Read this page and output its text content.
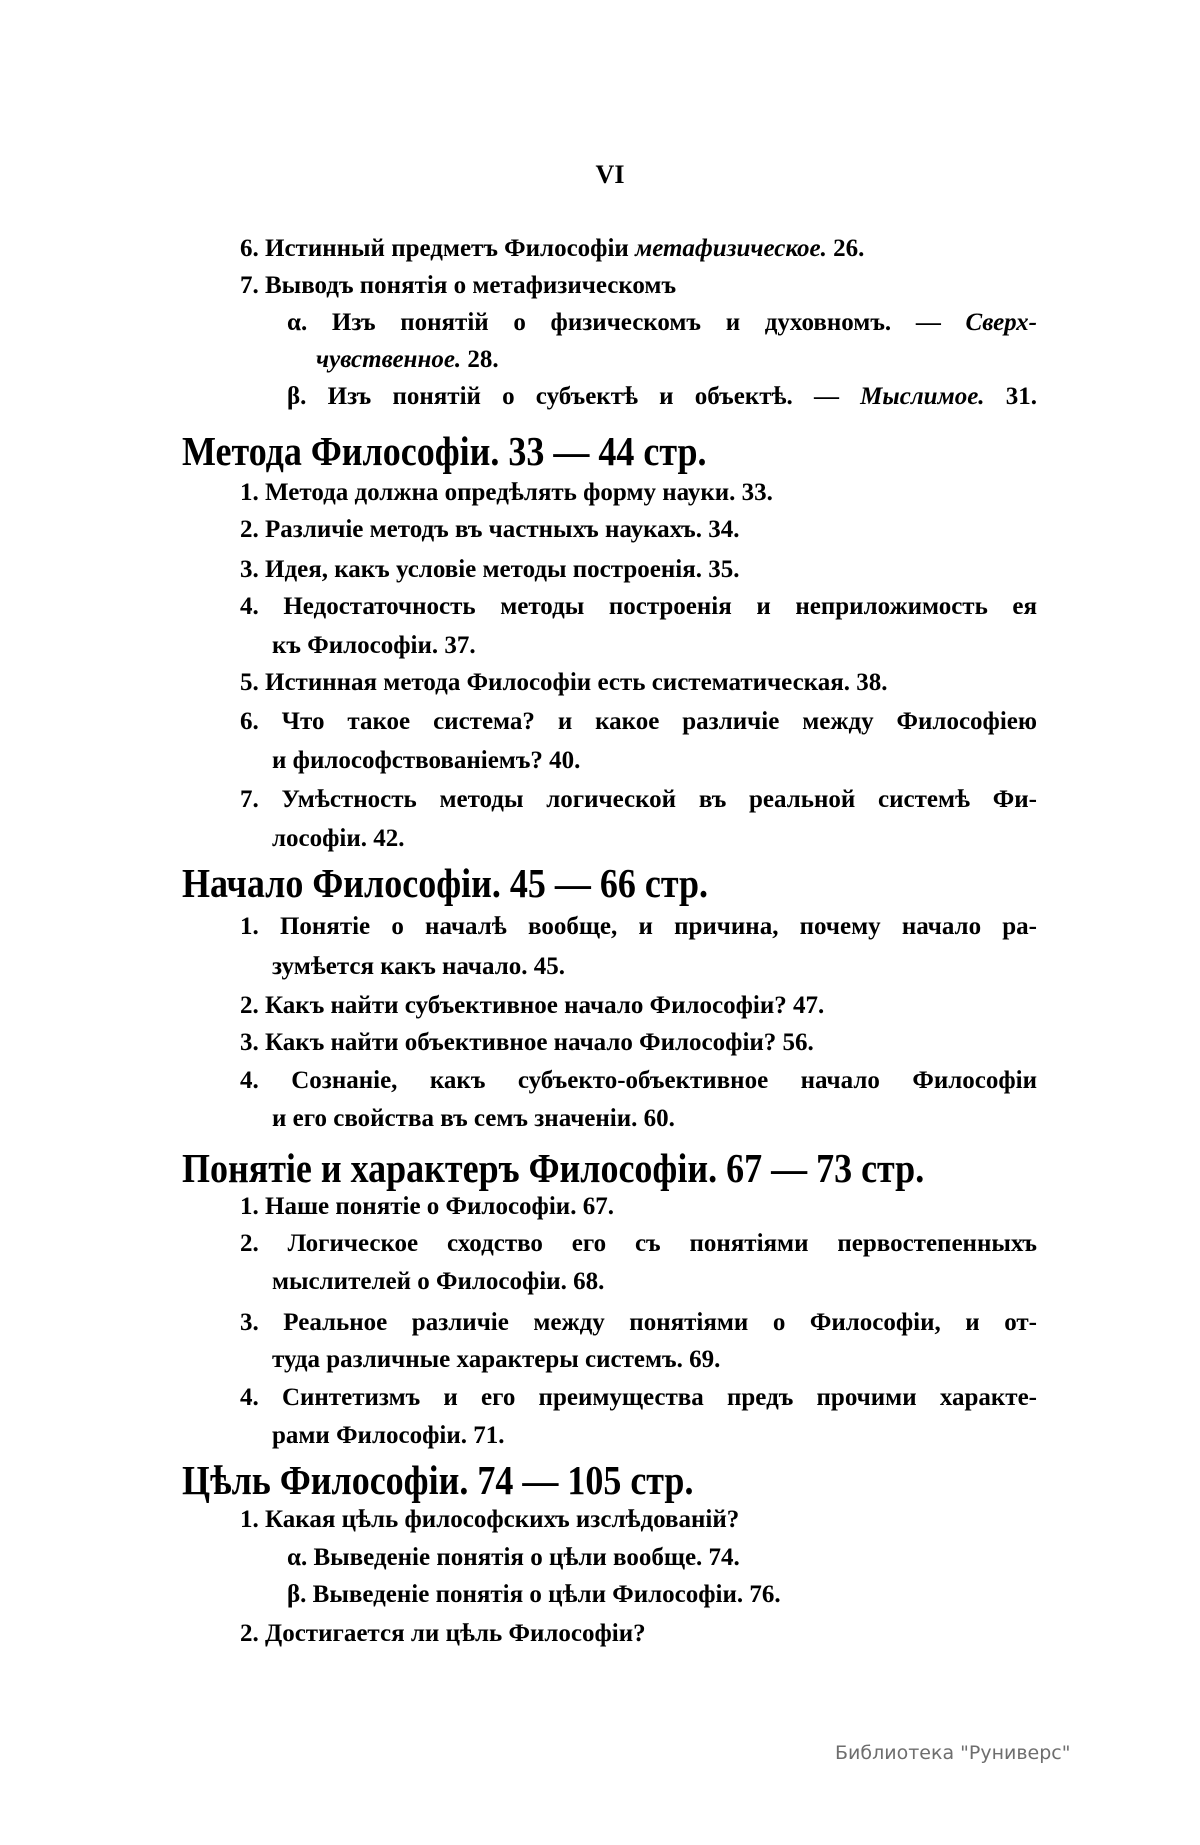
VI
6. Истинный предметъ Философіи метафизическое. 26.
7. Выводъ понятія о метафизическомъ
α. Изъ понятій о физическомъ и духовномъ. — Сверх-
чувственное. 28.
β. Изъ понятій о субъектѣ и объектѣ. — Мыслимое. 31.
Метода Философіи. 33 — 44 стр.
1. Метода должна опредѣлять форму науки. 33.
2. Различіе методъ въ частныхъ наукахъ. 34.
3. Идея, какъ условіе методы построенія. 35.
4. Недостаточность методы построенія и неприложимость ея
къ Философіи. 37.
5. Истинная метода Философіи есть систематическая. 38.
6. Что такое система? и какое различіе между Философіею
и философствованіемъ? 40.
7. Умѣстность методы логической въ реальной системѣ Фи-
лософіи. 42.
Начало Философіи. 45 — 66 стр.
1. Понятіе о началѣ вообще, и причина, почему начало ра-
зумѣется какъ начало. 45.
2. Какъ найти субъективное начало Философіи? 47.
3. Какъ найти объективное начало Философіи? 56.
4. Сознаніе, какъ субъекто-объективное начало Философіи
и его свойства въ семъ значеніи. 60.
Понятіе и характеръ Философіи. 67 — 73 стр.
1. Наше понятіе о Философіи. 67.
2. Логическое сходство его съ понятіями первостепенныхъ
мыслителей о Философіи. 68.
3. Реальное различіе между понятіями о Философіи, и от-
туда различные характеры системъ. 69.
4. Синтетизмъ и его преимущества предъ прочими характе-
рами Философіи. 71.
Цѣль Философіи. 74 — 105 стр.
1. Какая цѣль философскихъ изслѣдованій?
α. Выведеніе понятія о цѣли вообще. 74.
β. Выведеніе понятія о цѣли Философіи. 76.
2. Достигается ли цѣль Философіи?
Библиотека "Руниверс"
